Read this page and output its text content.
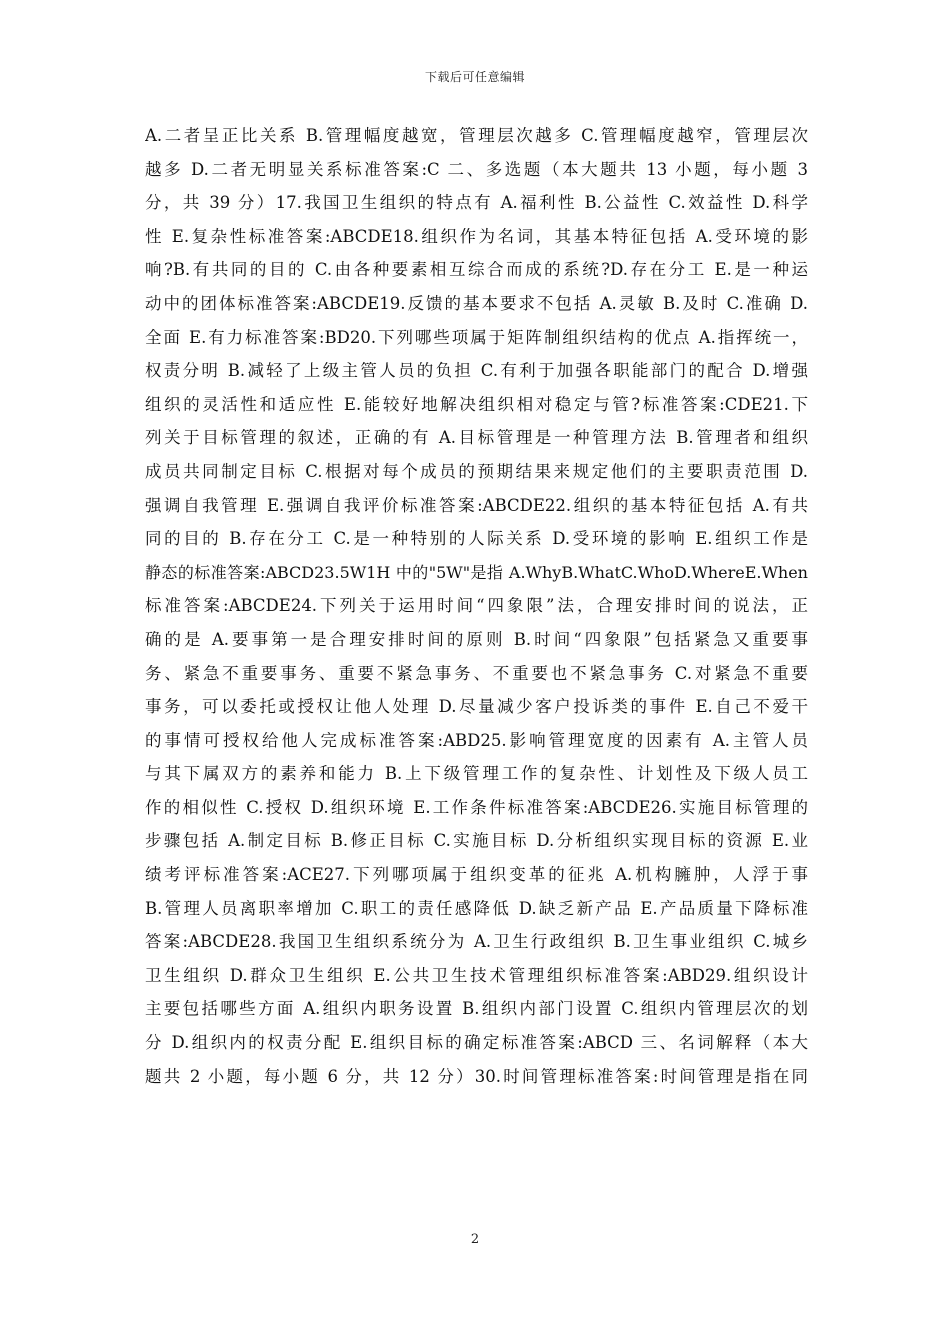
下载后可任意编辑
A.二者呈正比关系 B.管理幅度越宽，管理层次越多 C.管理幅度越窄，管理层次
越多 D.二者无明显关系标准答案:C 二、多选题（本大题共 13 小题，每小题 3
分，共 39 分）17.我国卫生组织的特点有 A.福利性 B.公益性 C.效益性 D.科学
性 E.复杂性标准答案:ABCDE18.组织作为名词，其基本特征包括 A.受环境的影
响?B.有共同的目的 C.由各种要素相互综合而成的系统?D.存在分工 E.是一种运
动中的团体标准答案:ABCDE19.反馈的基本要求不包括 A.灵敏 B.及时 C.准确 D.
全面 E.有力标准答案:BD20.下列哪些项属于矩阵制组织结构的优点 A.指挥统一，
权责分明 B.减轻了上级主管人员的负担 C.有利于加强各职能部门的配合 D.增强
组织的灵活性和适应性 E.能较好地解决组织相对稳定与管?标准答案:CDE21.下
列关于目标管理的叙述，正确的有 A.目标管理是一种管理方法 B.管理者和组织
成员共同制定目标 C.根据对每个成员的预期结果来规定他们的主要职责范围 D.
强调自我管理 E.强调自我评价标准答案:ABCDE22.组织的基本特征包括 A.有共
同的目的 B.存在分工 C.是一种特别的人际关系 D.受环境的影响 E.组织工作是
静态的标准答案:ABCD23.5W1H 中的"5W"是指 A.WhyB.WhatC.WhoD.WhereE.When
标准答案:ABCDE24.下列关于运用时间“四象限”法，合理安排时间的说法，正
确的是 A.要事第一是合理安排时间的原则 B.时间“四象限”包括紧急又重要事
务、紧急不重要事务、重要不紧急事务、不重要也不紧急事务 C.对紧急不重要
事务，可以委托或授权让他人处理 D.尽量减少客户投诉类的事件 E.自己不爱干
的事情可授权给他人完成标准答案:ABD25.影响管理宽度的因素有 A.主管人员
与其下属双方的素养和能力 B.上下级管理工作的复杂性、计划性及下级人员工
作的相似性 C.授权 D.组织环境 E.工作条件标准答案:ABCDE26.实施目标管理的
步骤包括 A.制定目标 B.修正目标 C.实施目标 D.分析组织实现目标的资源 E.业
绩考评标准答案:ACE27.下列哪项属于组织变革的征兆 A.机构臃肿，人浮于事
B.管理人员离职率增加 C.职工的责任感降低 D.缺乏新产品 E.产品质量下降标准
答案:ABCDE28.我国卫生组织系统分为 A.卫生行政组织 B.卫生事业组织 C.城乡
卫生组织 D.群众卫生组织 E.公共卫生技术管理组织标准答案:ABD29.组织设计
主要包括哪些方面 A.组织内职务设置 B.组织内部门设置 C.组织内管理层次的划
分 D.组织内的权责分配 E.组织目标的确定标准答案:ABCD 三、名词解释（本大
题共 2 小题，每小题 6 分，共 12 分）30.时间管理标准答案:时间管理是指在同
2
